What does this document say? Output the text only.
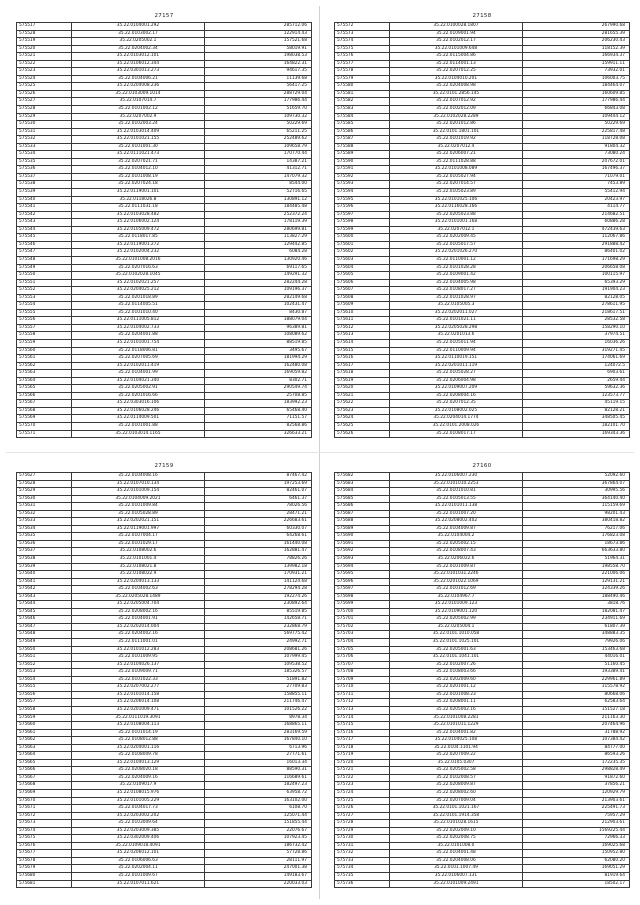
27157
575517	35.22.0104001.292	285712.06
575528	35.22.0103002.17	122914.43
575519	35.22.0205002.1	157521.68
575520	35.22.0204002.34	58019.91
575521	35.22.0103012.101	198038.53
575522	35.22.0106012.344	164822.31
575523	35.22.0301013.273	94617.35
575524	35.22.0104006.21	11139.68
575525	35.22.0204008.236	56417.25
575526	35.22.0103009.1014	288729.04
575527	35.22.0107014.7	177986.44
575528	35.22.0101002.12	51659.70
575529	35.22.0207002.9	109730.32
575530	35.22.0102003.24	50229.69
575531	35.22.0103014.409	65211.25
575532	35.22.0101021.155	252489.62
575533	35.22.0101001.30	109658.79
575534	35.22.0111021.473	170770.44
575535	35.22.0207021.71	14387.21
575536	35.22.0104012.10	41312.71
575537	35.22.0101008.19	147079.32
575538	35.22.0207024.18	8544.00
575539	35.22.0119001.101	52716.65
575540	35.22.0118026.8	130891.12
575541	35.22.0111031.18	184485.48
575542	35.22.0103028.482	252372.24
575543	35.22.0106002.124	178119.39
575544	35.22.0105009.472	280699.81
575545	35.22.0118017.85	113827.29
575546	35.22.0119001.272	129442.85
575547	35.22.0102004.232	6084.28
575548	35.22.0101008.2016	130920.46
575549	35.22.0207016.63	69117.65
575550	35.22.0102028.1045	149291.32
575551	35.22.0102021.257	282244.28
575552	35.22.0204025.212	109196.37
575553	35.22.0201018.89	282149.68
575554	35.22.0114005.51	102431.47
575555	35.22.0101010.40	8430.87
575556	35.22.0111005.812	188079.04
575557	35.22.0104002.733	96389.81
575558	35.22.0204001.88	108089.62
575559	35.22.0101001.754	88519.85
575560	35.22.0118006.81	3495.67
575561	35.22.0207005.69	181994.29
575562	35.22.0102011.419	162480.08
575563	35.22.0104001.99	169059.82
575564	35.22.0104021.340	8302.71
575565	35.22.0205002.91	290549.74
575566	35.22.0201016.66	25708.85
575567	35.22.0303016.106	183992.23
575568	35.22.0106028.246	65468.40
575569	35.22.0114009.501	71151.57
575570	35.22.0101001.88	82568.86
575571	35.22.0103014.1165	326633.21
27158
575572	35.22.0100028.1807	267990.68
575573	35.22.0109001.94	281655.39
575574	35.22.0102012.17	206230.43
575575	35.22.0101009.648	118152.39
575576	35.22.0115004.86	166934.37
575577	35.22.0114001.13	159911.11
575578	35.22.0207012.25	73932.01
575579	35.22.0104010.201	106003.75
575580	35.22.0204008.98	184464.07
575581	35.22.0101.2856.145	160609.85
575582	35.22.0107012.92	177986.44
575583	35.22.0102012.09	66843.08
575584	35.22.0102028.2289	109444.12
575585	35.22.0201012.86	50229.69
575586	35.22.0101.1801.101	225817.48
575587	35.22.0101019.92	118728.08
575588	35.22.0207012.4	91804.32
575589	35.22.0206007.21	73080.24
575590	35.22.0111028.88	207672.01
575591	35.22.0101008.089	167496.37
575592	35.22.0105027.94	71079.01
575593	35.22.0207014.57	7453.89
575594	35.22.0105023.89	55412.94
575595	35.22.0101025.106	20423.97
575596	35.22.0116028.166	4114.77
575597	35.22.0205023.88	214682.51
575598	35.22.0101001.168	60886.28
575599	35.22.0207012.1	472439.63
575600	35.22.0202009.45	112067.86
575601	35.22.0105017.57	291888.42
575602	35.22.0201026.270	86401.02
575603	35.22.0110001.12	171698.29
575604	35.22.0101028.28	206658.08
575605	35.22.0109001.42	100115.97
575606	35.22.0104005.98	65393.29
575607	35.22.0108017.27	191904.23
575608	35.22.0101028.97	82128.05
575609	35.22.0105005.3	278611.95
575610	35.22.0202011.027	218617.51
575611	35.22.0101021.11	28532.58
575612	35.22.0205028.298	158290.10
575613	35.22.0201013.6	37974.51
575614	35.22.0105011.94	16036.26
575615	35.22.0110009.94	319271.45
575616	35.22.0110019.151	174061.69
575617	35.22.0201011.119	124072.5
575618	35.22.0105028.27	6903.61
575619	35.22.0206004.98	2659.44
575620	35.22.0109007.209	59632.36
575621	35.22.0208004.16	123573.77
575622	35.22.0207012.35	45119.15
575623	35.22.0108002.025	82128.21
575624	35.22.0204014.1774	348505.45
575625	35.22.0101.2008.026	182101.70
575626	35.22.0108017.17	169343.36
27159
575627	35.22.0104008.16	87467.42
575628	35.22.0107010.134	197253.69
575629	35.22.0101009.154	82461.07
575630	35.22.0104009.2021	6461.37
575631	35.22.0101009.84	78026.56
575632	35.22.0105028.89	28471.21
575633	35.22.0202021.151	226683.61
575634	35.22.0119001.997	60330.07
575635	35.22.0107004.17	64268.61
575636	35.22.0101029.17	161440.08
575637	35.22.0108002.6	162881.47
575638	35.22.0101001.4	78826.26
575639	35.22.0108021.8	139982.18
575640	35.22.0108022.9	170931.21
575641	35.22.0204013.133	141124.68
575642	35.22.0104002.63	278294.28
575643	35.22.0205028.1489	192274.26
575644	35.22.0205004.704	230892.64
575645	35.22.0208002.16	85519.85
575646	35.22.0104001.91	142658.71
575647	35.22.0202014.004	232868.79
575648	35.22.0204002.16	569775.42
575649	35.22.0111001.01	24992.71
575650	35.22.0101012.283	208681.26
575651	35.22.0101009.95	107999.45
575652	35.22.0104026.137	109538.52
575653	35.22.0109009.71	185326.57
575654	35.22.0101022.33	51891.82
575655	35.22.0207002.277	27709.83
575656	35.22.0101014.158	158855.11
575657	35.22.0206014.108	211746.47
575658	35.22.0201009.471	101526.22
575659	35.22.0111019.3091	8978.34
575660	35.22.0108004.113	168865.11
575661	35.22.0101014.19	283169.59
575662	35.22.0108012.88	167840.10
575663	35.22.0204001.116	6713.96
575664	35.22.0108009.78	27771.61
575665	35.22.0104013.129	16013.34
575666	35.22.0208020.18	88590.31
575667	35.22.0204009.16	116689.61
575668	35.22.0109017.9	182497.23
575669	35.22.0108015.976	63958.72
575670	35.22.0101005.229	163102.00
575671	35.22.0104017.73	6108.70
575672	35.22.0203002.202	125071.44
575673	35.22.0103009.64	151855.44
575674	35.22.0203009.385	22076.67
575675	35.22.0302009.406	107923.45
575676	35.22.0109018.4091	186732.42
575677	35.22.0206012.101	57728.86
575678	35.22.0106006.63	28111.97
575679	35.22.0202004.11	247001.38
575680	35.22.0101009.67	149183.67
575681	35.22.0107011.621	220033.03
27160
575682	35.22.0106007.230	52092.60
575683	35.22.0101010.2253	367864.07
575684	35.22.0101010.81	30995.56
575685	35.22.0105013.55	364140.40
575686	35.22.0101011.138	115159.69
575687	35.22.0101007.20	98201.43
575688	35.22.0208002.402	380418.82
575689	35.22.0104009.87	76217.06
575690	35.22.0104004.2	176823.08
575691	35.22.0205002.15	18673.86
575692	35.22.0108007.43	663633.80
575693	35.22.0206022.6	51964.31
575694	35.22.0101009.87	198558.70
575695	35.22.0101031.2246	221006.06
575696	35.22.0201022.1069	129131.21
575697	35.22.0101012.69	324339.26
575698	35.22.0104967.7	188490.46
575699	35.22.0101009.123	3818.76
575700	35.22.0109001.120	182081.47
575701	35.22.0205002.99	234911.69
575702	35.22.0205004.1	61807.39
575703	35.22.0101.1010.058	348883.35
575704	35.22.0101.1025.101	79926.06
575705	35.22.0205001.63	153463.68
575706	35.22.0101.1041.101	44016.01
575707	35.22.0102007.26	51160.45
575708	35.22.0108003.66	193389.41
575709	35.22.0202009.60	229961.89
575710	35.22.0201001.12	115578.92
575711	35.22.0101008.23	80668.06
575712	35.22.0208001.11	62583.64
575713	35.22.0205002.16	151527.18
575714	35.22.0101008.2281	211163.30
575715	35.22.0101011.1229	207464.96
575716	35.22.0104001.82	31788.92
575717	35.22.0104025.108	107384.42
575718	35.22.0104.1101.94	84777.00
575719	35.22.0207009.22	86593.26
575720	35.22.0105.0307	172235.35
575721	35.22.0205002.58	298828.49
575722	35.22.0102008.57	91872.60
575723	35.22.0208009.87	37856.21
575724	35.22.0208002.60	120929.79
575725	35.22.0207009.04	213903.61
575726	35.22.0101.1021.167	225491.73
575727	35.22.0101.1914.358	75957.29
575728	35.22.0101028.1615	212903.61
575729	35.22.0202009.10	1569225.44
575730	35.22.0202008.75	72966.33
575731	35.22.0101008.0	169025.68
575732	35.22.0104001.48	150952.80
575733	35.22.0204008.06	62080.20
575734	35.22.0101.1007.49	169051.29
575735	35.22.0106007.131	81919.64
575736	35.22.0101009.2491	18502.17
